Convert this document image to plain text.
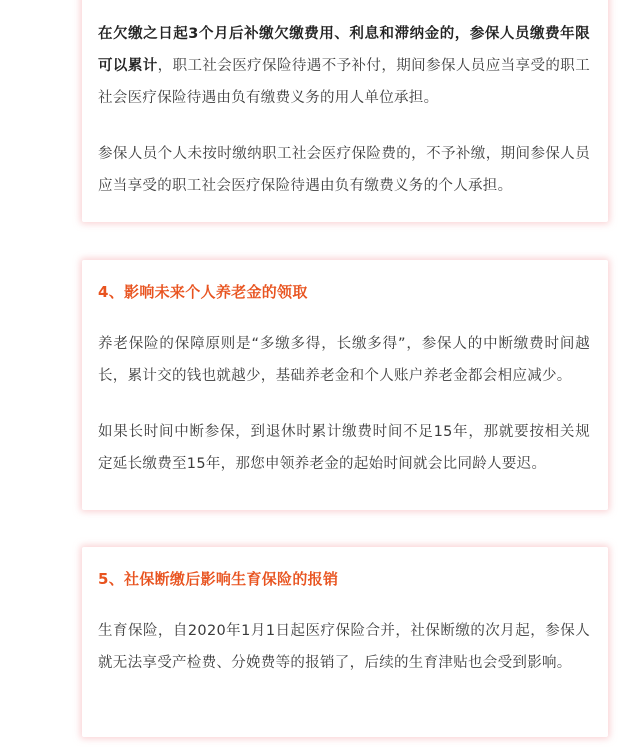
在欠缴之日起3个月后补缴欠缴费用、利息和滞纳金的，参保人员缴费年限可以累计，职工社会医疗保险待遇不予补付，期间参保人员应当享受的职工社会医疗保险待遇由负有缴费义务的用人单位承担。

参保人员个人未按时缴纳职工社会医疗保险费的，不予补缴，期间参保人员应当享受的职工社会医疗保险待遇由负有缴费义务的个人承担。

4、影响未来个人养老金的领取

养老保险的保障原则是“多缴多得，长缴多得”，参保人的中断缴费时间越长，累计交的钱也就越少，基础养老金和个人账户养老金都会相应减少。

如果长时间中断参保，到退休时累计缴费时间不足15年，那就要按相关规定延长缴费至15年，那您申领养老金的起始时间就会比同龄人要迟。

5、社保断缴后影响生育保险的报销

生育保险，自2020年1月1日起医疗保险合并，社保断缴的次月起，参保人就无法享受产检费、分娩费等的报销了，后续的生育津贴也会受到影响。
